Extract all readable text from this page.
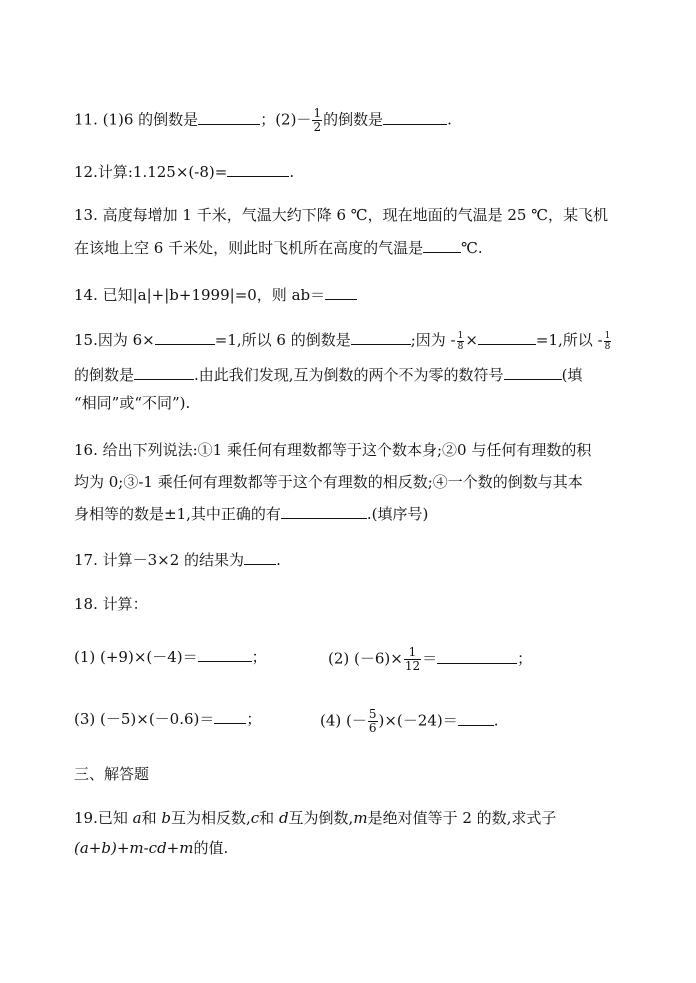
11. (1)6 的倒数是	；$(2)- \frac{1}{2}$ 的倒数是	.
12.计算:1.125×(-8)=	.
13. 高度每增加 1 千米，气温大约下降 6 ℃，现在地面的气温是 25 ℃，某飞机
在该地上空 6 千米处，则此时飞机所在高度的气温是	℃.
14. 已知|a|+|b+1999|=0，则 ab＝
15.因为 6×	=1,所以 6 的倒数是	;因为 - $\frac{1}{8}$ ×	=1,所以 - $\frac{1}{8}$
的倒数是	.由此我们发现,互为倒数的两个不为零的数符号	(填
“相同”或“不同”).
16. 给出下列说法:①1 乘任何有理数都等于这个数本身;②0 与任何有理数的积
均为 0;③-1 乘任何有理数都等于这个有理数的相反数;④一个数的倒数与其本
身相等的数是±1,其中正确的有	.(填序号)
17. 计算－3×2 的结果为 .
18. 计算：
(1) (+9)×(－4)＝	；	(2) $(-6)\times \frac{1}{12}$ ＝	；
(3) (－5)×(－0.6)＝ ；	(4) (－ $\frac{5}{6} )\times(-24)=$ .
三、解答题
19.已知 a和 b互为相反数,c和 d互为倒数,m是绝对值等于 2 的数,求式子
(a+b)+m-cd+m的值.
